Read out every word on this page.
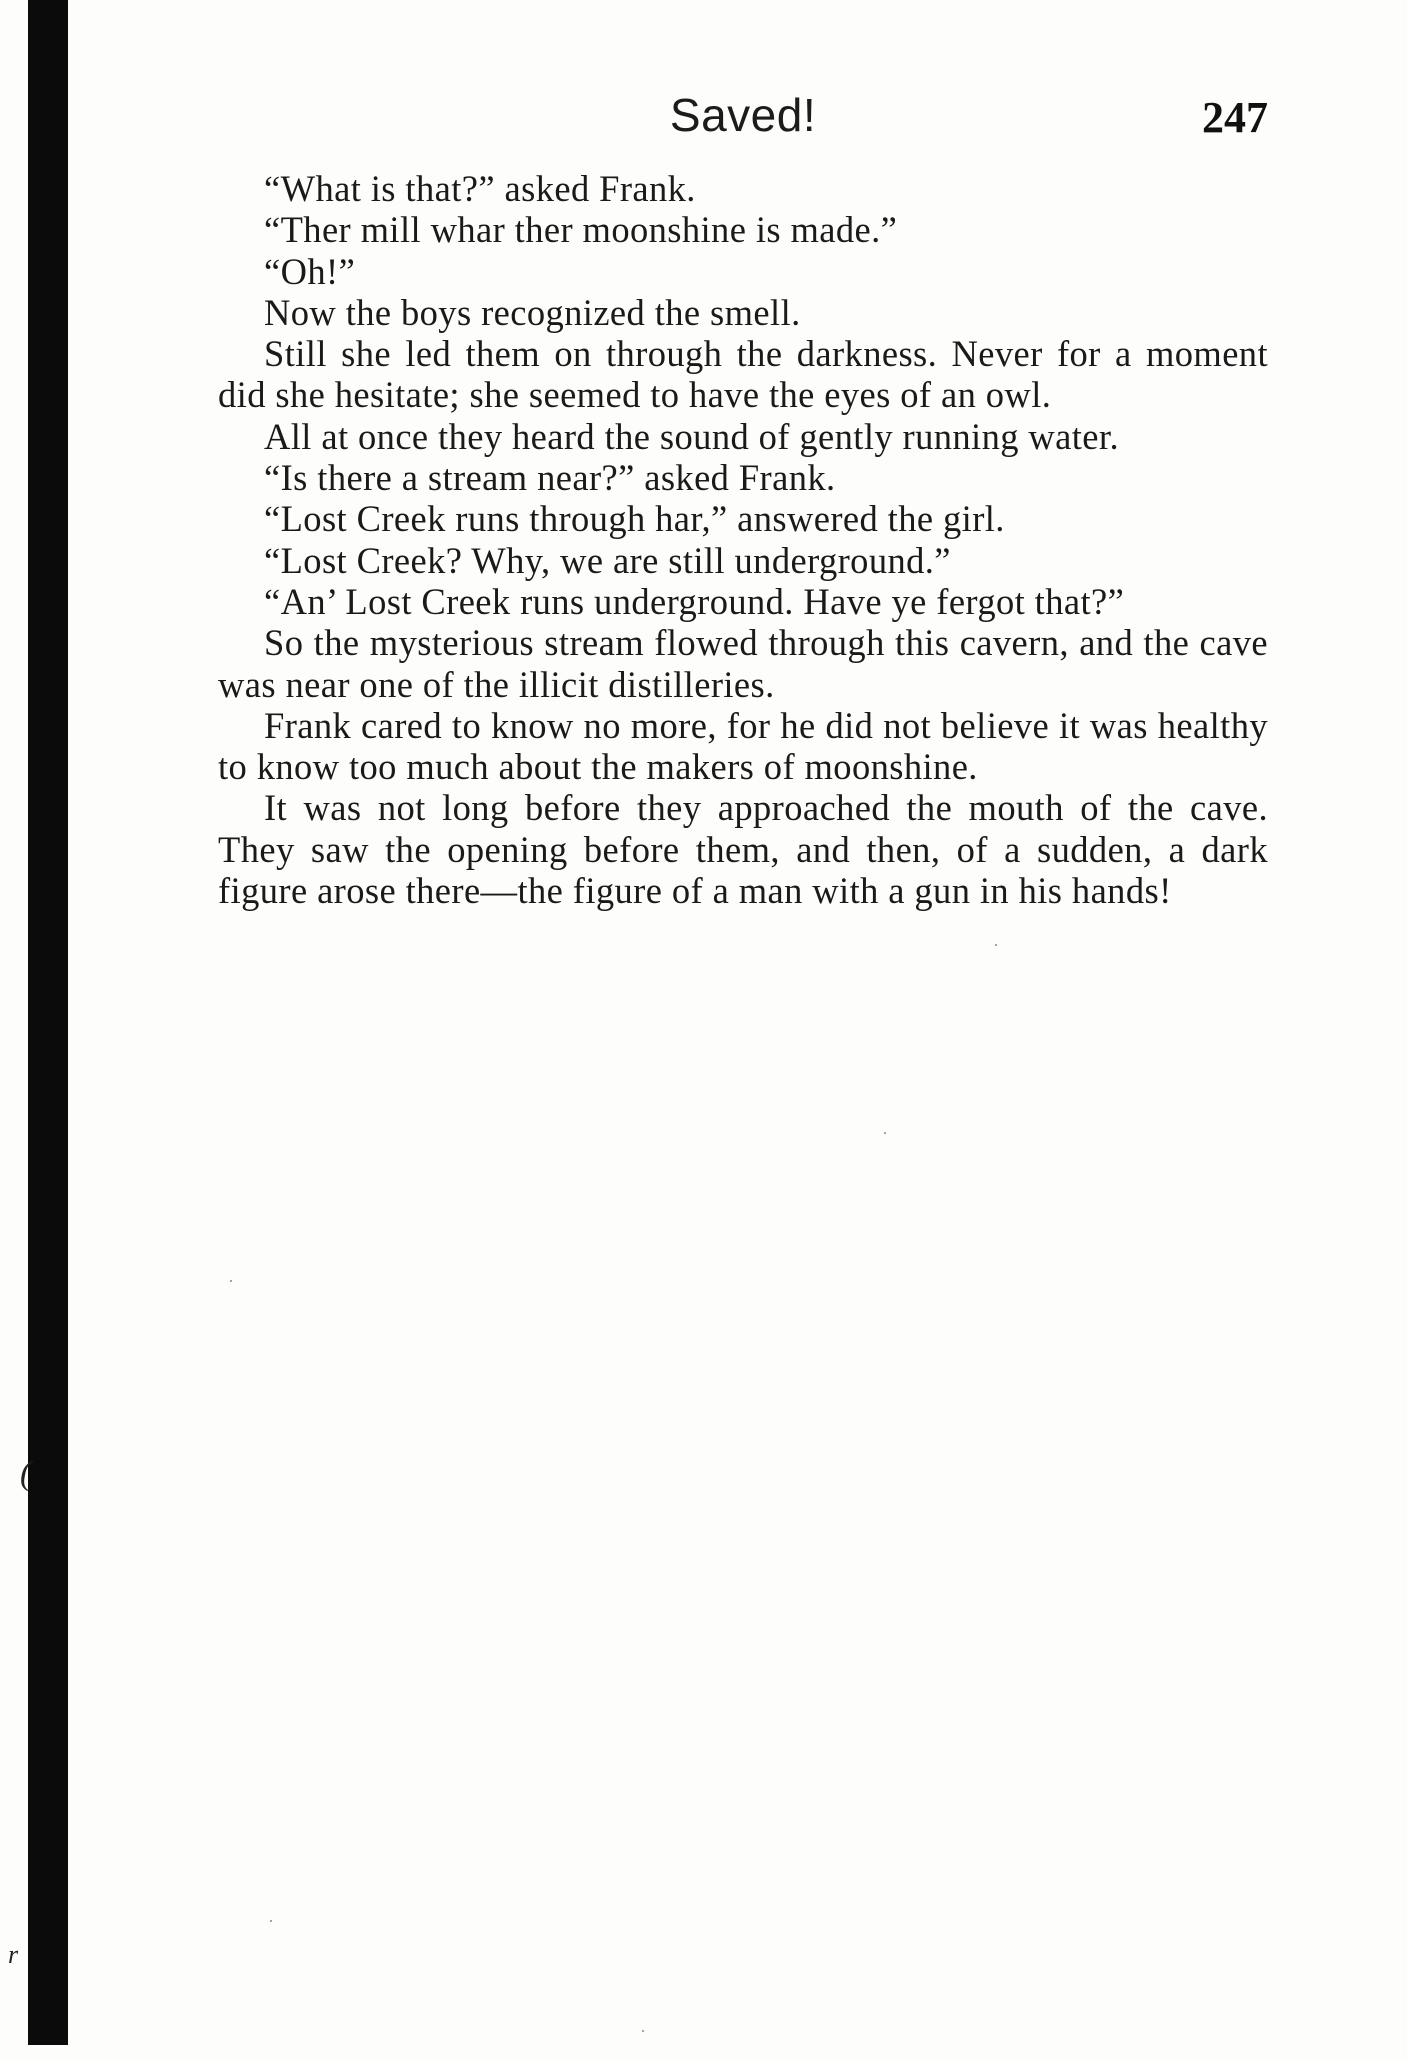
(
r
Saved!	247

“What is that?” asked Frank.

“Ther mill whar ther moonshine is made.”

“Oh!”

Now the boys recognized the smell.

Still she led them on through the darkness. Never for a moment did she hesitate; she seemed to have the eyes of an owl.

All at once they heard the sound of gently running water.

“Is there a stream near?” asked Frank.

“Lost Creek runs through har,” answered the girl.

“Lost Creek? Why, we are still underground.”

“An’ Lost Creek runs underground. Have ye fergot that?”

So the mysterious stream flowed through this cavern, and the cave was near one of the illicit distilleries.

Frank cared to know no more, for he did not believe it was healthy to know too much about the makers of moonshine.

It was not long before they approached the mouth of the cave. They saw the opening before them, and then, of a sudden, a dark figure arose there—the figure of a man with a gun in his hands!
